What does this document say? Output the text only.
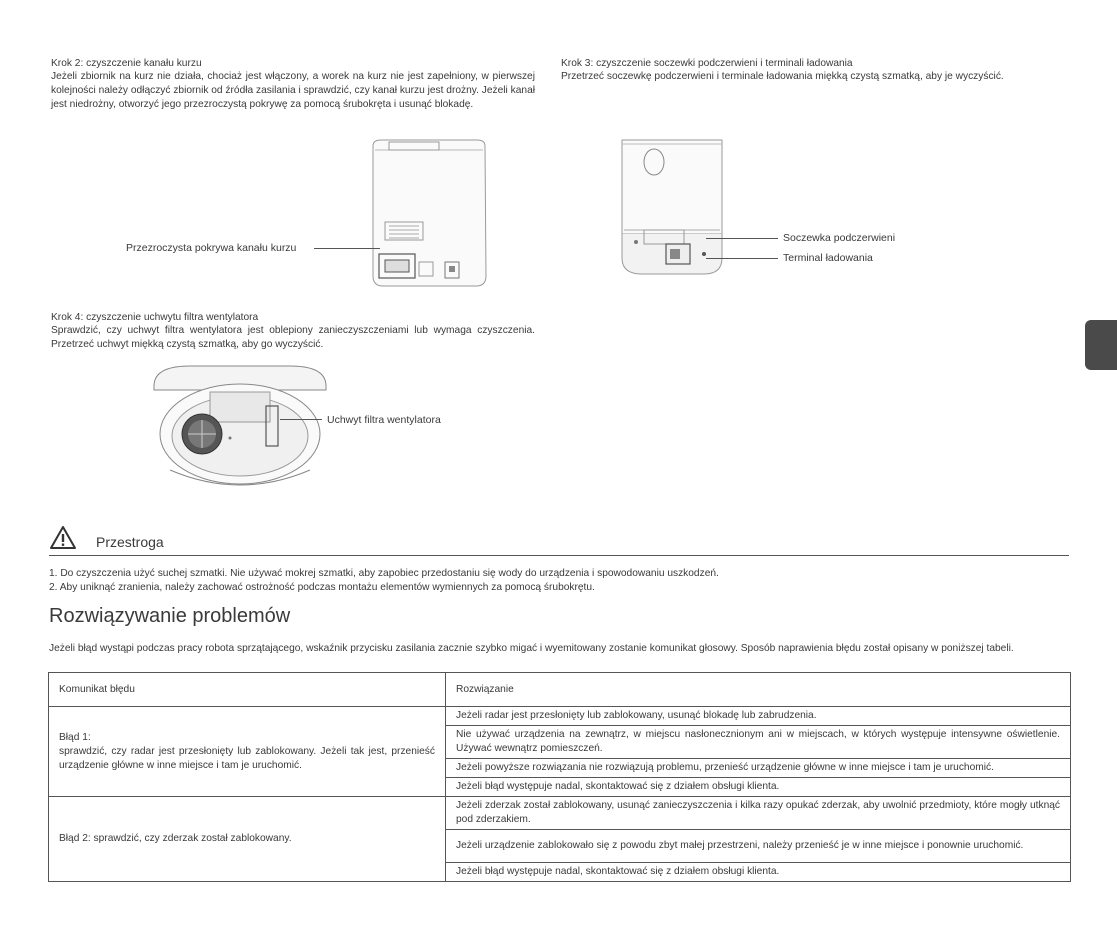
Krok 2: czyszczenie kanału kurzu
Jeżeli zbiornik na kurz nie działa, chociaż jest włączony, a worek na kurz nie jest zapełniony, w pierwszej kolejności należy odłączyć zbiornik od źródła zasilania i sprawdzić, czy kanał kurzu jest drożny. Jeżeli kanał jest niedrożny, otworzyć jego przezroczystą pokrywę za pomocą śrubokręta i usunąć blokadę.
Przezroczysta pokrywa kanału kurzu
Krok 3: czyszczenie soczewki podczerwieni i terminali ładowania
Przetrzeć soczewkę podczerwieni i terminale ładowania miękką czystą szmatką, aby je wyczyścić.
Soczewka podczerwieni
Terminal ładowania
Krok 4: czyszczenie uchwytu filtra wentylatora
Sprawdzić, czy uchwyt filtra wentylatora jest oblepiony zanieczyszczeniami lub wymaga czyszczenia. Przetrzeć uchwyt miękką czystą szmatką, aby go wyczyścić.
Uchwyt filtra wentylatora
Przestroga
1. Do czyszczenia użyć suchej szmatki. Nie używać mokrej szmatki, aby zapobiec przedostaniu się wody do urządzenia i spowodowaniu uszkodzeń.
2. Aby uniknąć zranienia, należy zachować ostrożność podczas montażu elementów wymiennych za pomocą śrubokrętu.
Rozwiązywanie problemów
Jeżeli błąd wystąpi podczas pracy robota sprzątającego, wskaźnik przycisku zasilania zacznie szybko migać i wyemitowany zostanie komunikat głosowy. Sposób naprawienia błędu został opisany w poniższej tabeli.
Komunikat błędu	Rozwiązanie

Błąd 1:
sprawdzić, czy radar jest przesłonięty lub zablokowany. Jeżeli tak jest, przenieść urządzenie główne w inne miejsce i tam je uruchomić.	Jeżeli radar jest przesłonięty lub zablokowany, usunąć blokadę lub zabrudzenia.
	Nie używać urządzenia na zewnątrz, w miejscu nasłonecznionym ani w miejscach, w których występuje intensywne oświetlenie. Używać wewnątrz pomieszczeń.
	Jeżeli powyższe rozwiązania nie rozwiązują problemu, przenieść urządzenie główne w inne miejsce i tam je uruchomić.
	Jeżeli błąd występuje nadal, skontaktować się z działem obsługi klienta.
Błąd 2: sprawdzić, czy zderzak został zablokowany.	Jeżeli zderzak został zablokowany, usunąć zanieczyszczenia i kilka razy opukać zderzak, aby uwolnić przedmioty, które mogły utknąć pod zderzakiem.
	Jeżeli urządzenie zablokowało się z powodu zbyt małej przestrzeni, należy przenieść je w inne miejsce i ponownie uruchomić.
	Jeżeli błąd występuje nadal, skontaktować się z działem obsługi klienta.
